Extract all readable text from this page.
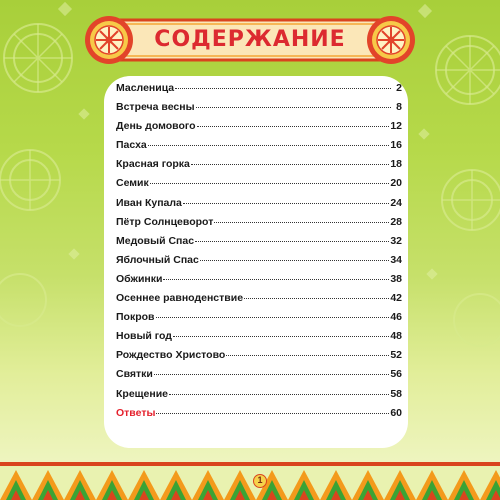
СОДЕРЖАНИЕ
Масленица	2
Встреча весны	8
День домового	12
Пасха	16
Красная горка	18
Семик	20
Иван Купала	24
Пётр Солнцеворот	28
Медовый Спас	32
Яблочный Спас	34
Обжинки	38
Осеннее равноденствие	42
Покров	46
Новый год	48
Рождество Христово	52
Святки	56
Крещение	58
Ответы	60
1
